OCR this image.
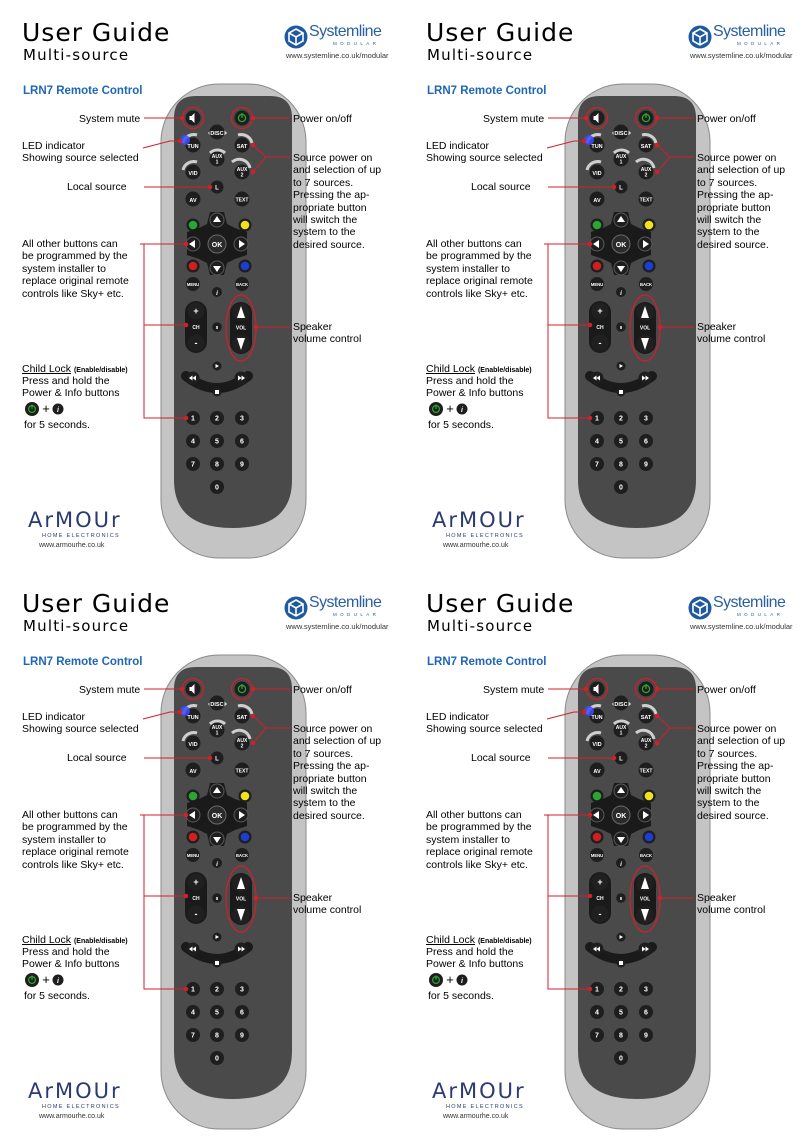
User Guide
Multi-source
Systemline
MODULAR
www.systemline.co.uk/modular
LRN7 Remote Control
TUN
DISC
SAT
VID
AUX
1
AUX
2
L
AV	TEXT
OK
MENU
i
BACK
+
-
CH	II	VOL
1	2	3
4	5	6
7	8	9
0
System mute	Power on/off
LED indicator
Showing source selected
Local source
Source power on
and selection of up
to 7 sources.
Pressing the ap-
propriate button
will switch the
system to the
desired source.
All other buttons can
be programmed by the
system installer to
replace original remote
controls like Sky+ etc.
Speaker
volume control
Child Lock (Enable/disable)
Press and hold the
Power & Info buttons
+ i
for 5 seconds.
ArMOUr
HOME ELECTRONICS
www.armourhe.co.uk
User Guide
Multi-source
Systemline
MODULAR
www.systemline.co.uk/modular
LRN7 Remote Control
TUN
DISC
SAT
VID
AUX
1
AUX
2
L
AV	TEXT
OK
MENU
i
BACK
+
-
CH	II	VOL
1	2	3
4	5	6
7	8	9
0
System mute	Power on/off
LED indicator
Showing source selected
Local source
Source power on
and selection of up
to 7 sources.
Pressing the ap-
propriate button
will switch the
system to the
desired source.
All other buttons can
be programmed by the
system installer to
replace original remote
controls like Sky+ etc.
Speaker
volume control
Child Lock (Enable/disable)
Press and hold the
Power & Info buttons
+ i
for 5 seconds.
ArMOUr
HOME ELECTRONICS
www.armourhe.co.uk
User Guide
Multi-source
Systemline
MODULAR
www.systemline.co.uk/modular
LRN7 Remote Control
TUN
DISC
SAT
VID
AUX
1
AUX
2
L
AV	TEXT
OK
MENU
i
BACK
+
-
CH	II	VOL
1	2	3
4	5	6
7	8	9
0
System mute	Power on/off
LED indicator
Showing source selected
Local source
Source power on
and selection of up
to 7 sources.
Pressing the ap-
propriate button
will switch the
system to the
desired source.
All other buttons can
be programmed by the
system installer to
replace original remote
controls like Sky+ etc.
Speaker
volume control
Child Lock (Enable/disable)
Press and hold the
Power & Info buttons
+ i
for 5 seconds.
ArMOUr
HOME ELECTRONICS
www.armourhe.co.uk
User Guide
Multi-source
Systemline
MODULAR
www.systemline.co.uk/modular
LRN7 Remote Control
TUN
DISC
SAT
VID
AUX
1
AUX
2
L
AV	TEXT
OK
MENU
i
BACK
+
-
CH	II	VOL
1	2	3
4	5	6
7	8	9
0
System mute	Power on/off
LED indicator
Showing source selected
Local source
Source power on
and selection of up
to 7 sources.
Pressing the ap-
propriate button
will switch the
system to the
desired source.
All other buttons can
be programmed by the
system installer to
replace original remote
controls like Sky+ etc.
Speaker
volume control
Child Lock (Enable/disable)
Press and hold the
Power & Info buttons
+ i
for 5 seconds.
ArMOUr
HOME ELECTRONICS
www.armourhe.co.uk
